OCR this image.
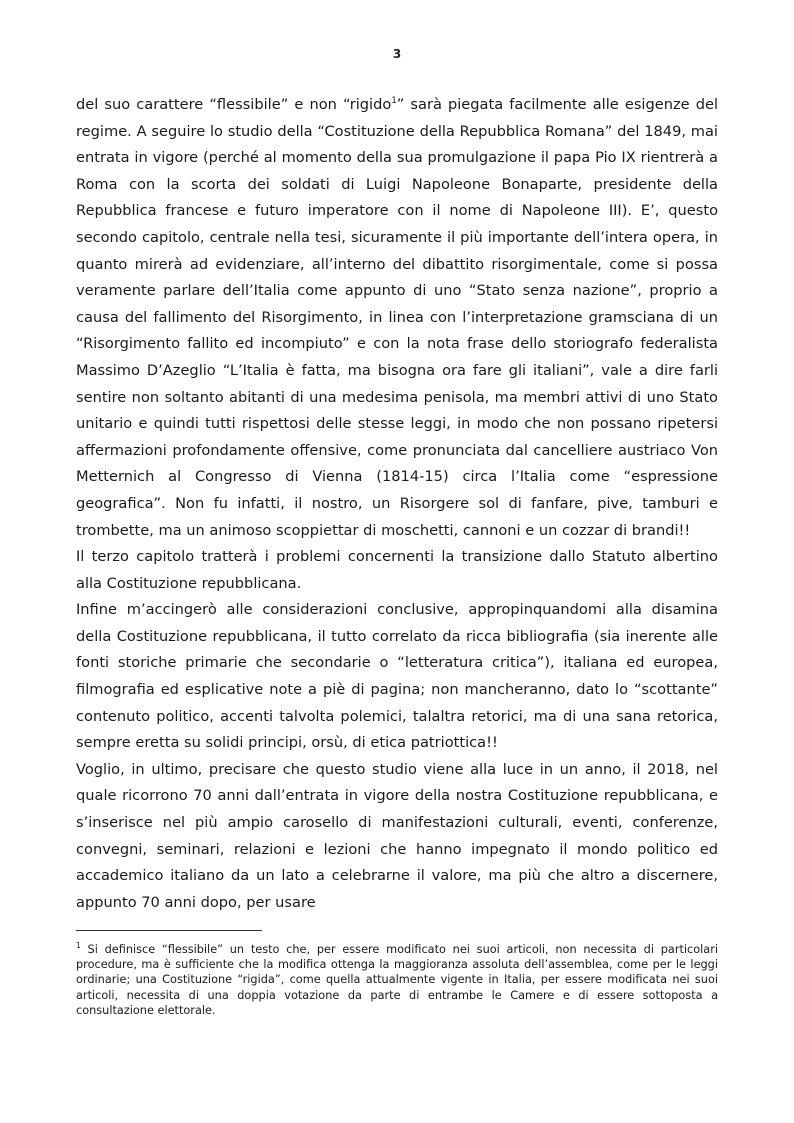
3

del suo carattere “flessibile” e non “rigido$^1$” sarà piegata facilmente alle esigenze del regime. A seguire lo studio della “Costituzione della Repubblica Romana” del 1849, mai entrata in vigore (perché al momento della sua promulgazione il papa Pio IX rientrerà a Roma con la scorta dei soldati di Luigi Napoleone Bonaparte, presidente della Repubblica francese e futuro imperatore con il nome di Napoleone III). E’, questo secondo capitolo, centrale nella tesi, sicuramente il più importante dell’intera opera, in quanto mirerà ad evidenziare, all’interno del dibattito risorgimentale, come si possa veramente parlare dell’Italia come appunto di uno “Stato senza nazione”, proprio a causa del fallimento del Risorgimento, in linea con l’interpretazione gramsciana di un “Risorgimento fallito ed incompiuto” e con la nota frase dello storiografo federalista Massimo D’Azeglio “L’Italia è fatta, ma bisogna ora fare gli italiani”, vale a dire farli sentire non soltanto abitanti di una medesima penisola, ma membri attivi di uno Stato unitario e quindi tutti rispettosi delle stesse leggi, in modo che non possano ripetersi affermazioni profondamente offensive, come pronunciata dal cancelliere austriaco Von Metternich al Congresso di Vienna (1814-15) circa l’Italia come “espressione geografica”. Non fu infatti, il nostro, un Risorgere sol di fanfare, pive, tamburi e trombette, ma un animoso scoppiettar di moschetti, cannoni e un cozzar di brandi!!

Il terzo capitolo tratterà i problemi concernenti la transizione dallo Statuto albertino alla Costituzione repubblicana.

Infine m’accingerò alle considerazioni conclusive, appropinquandomi alla disamina della Costituzione repubblicana, il tutto correlato da ricca bibliografia (sia inerente alle fonti storiche primarie che secondarie o “letteratura critica”), italiana ed europea, filmografia ed esplicative note a piè di pagina; non mancheranno, dato lo “scottante” contenuto politico, accenti talvolta polemici, talaltra retorici, ma di una sana retorica, sempre eretta su solidi principi, orsù, di etica patriottica!!

Voglio, in ultimo, precisare che questo studio viene alla luce in un anno, il 2018, nel quale ricorrono 70 anni dall’entrata in vigore della nostra Costituzione repubblicana, e s’inserisce nel più ampio carosello di manifestazioni culturali, eventi, conferenze, convegni, seminari, relazioni e lezioni che hanno impegnato il mondo politico ed accademico italiano da un lato a celebrarne il valore, ma più che altro a discernere, appunto 70 anni dopo, per usare

$^1$ Si definisce “flessibile” un testo che, per essere modificato nei suoi articoli, non necessita di particolari procedure, ma è sufficiente che la modifica ottenga la maggioranza assoluta dell’assemblea, come per le leggi ordinarie; una Costituzione “rigida”, come quella attualmente vigente in Italia, per essere modificata nei suoi articoli, necessita di una doppia votazione da parte di entrambe le Camere e di essere sottoposta a consultazione elettorale.
